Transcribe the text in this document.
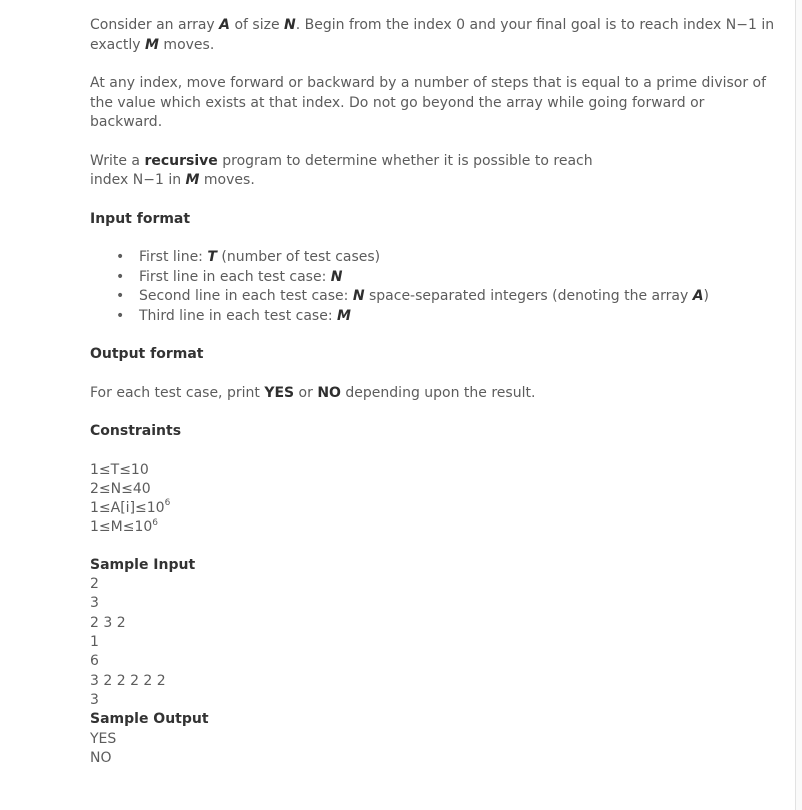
Consider an array A of size N. Begin from the index 0 and your final goal is to reach index N−1 in exactly M moves.

At any index, move forward or backward by a number of steps that is equal to a prime divisor of the value which exists at that index. Do not go beyond the array while going forward or backward.

Write a recursive program to determine whether it is possible to reach
index N−1 in M moves.

Input format

• First line: T (number of test cases)
• First line in each test case: N
• Second line in each test case: N space-separated integers (denoting the array A)
• Third line in each test case: M

Output format

For each test case, print YES or NO depending upon the result.

Constraints

1≤T≤10
2≤N≤40
$1\le A[i]\le 10^6$
$1\le M\le 10^6$
Sample Input
2
3
2 3 2
1
6
3 2 2 2 2 2
3
Sample Output
YES
NO
